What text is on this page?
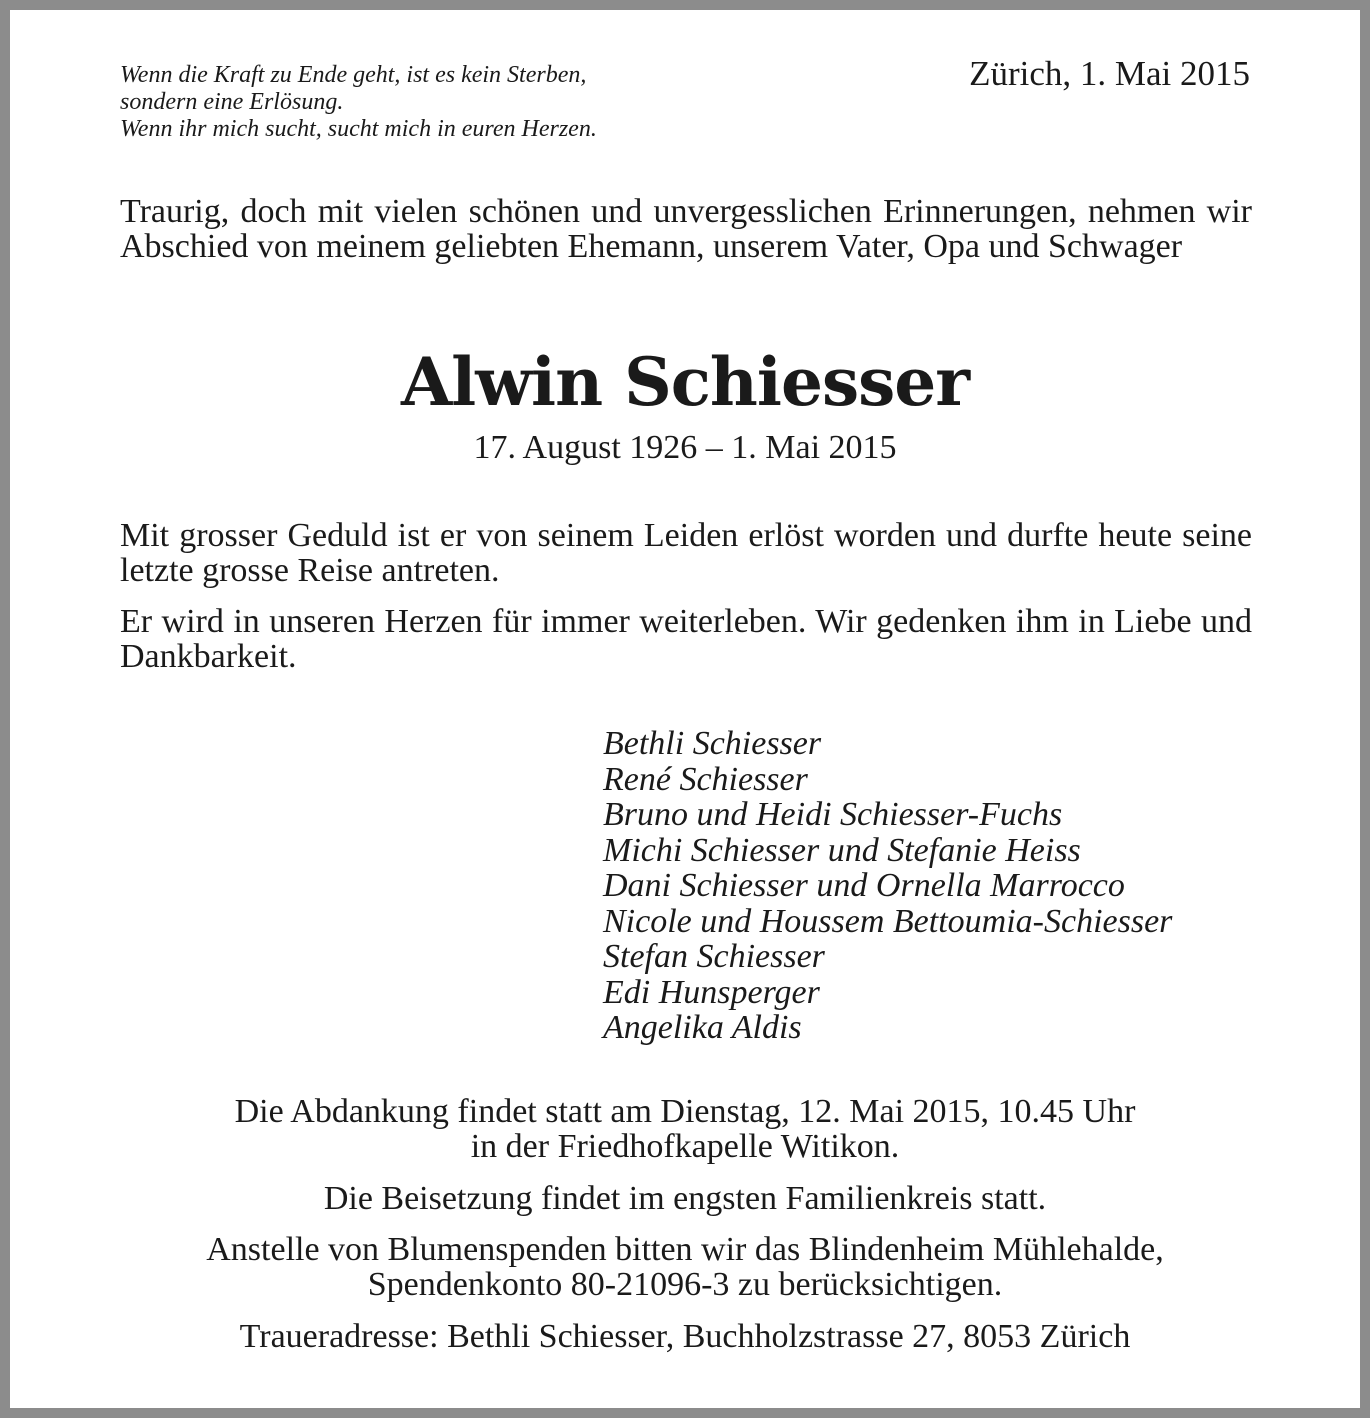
Wenn die Kraft zu Ende geht, ist es kein Sterben,
sondern eine Erlösung.
Wenn ihr mich sucht, sucht mich in euren Herzen.
Zürich, 1. Mai 2015

Traurig, doch mit vielen schönen und unvergesslichen Erinnerungen, nehmen wir Abschied von meinem geliebten Ehemann, unserem Vater, Opa und Schwager

Alwin Schiesser
17. August 1926 – 1. Mai 2015

Mit grosser Geduld ist er von seinem Leiden erlöst worden und durfte heute seine letzte grosse Reise antreten.

Er wird in unseren Herzen für immer weiterleben. Wir gedenken ihm in Liebe und Dankbarkeit.

Bethli Schiesser
René Schiesser
Bruno und Heidi Schiesser-Fuchs
Michi Schiesser und Stefanie Heiss
Dani Schiesser und Ornella Marrocco
Nicole und Houssem Bettoumia-Schiesser
Stefan Schiesser
Edi Hunsperger
Angelika Aldis
Die Abdankung findet statt am Dienstag, 12. Mai 2015, 10.45 Uhr
in der Friedhofkapelle Witikon.
Die Beisetzung findet im engsten Familienkreis statt.
Anstelle von Blumenspenden bitten wir das Blindenheim Mühlehalde,
Spendenkonto 80-21096-3 zu berücksichtigen.
Traueradresse: Bethli Schiesser, Buchholzstrasse 27, 8053 Zürich
